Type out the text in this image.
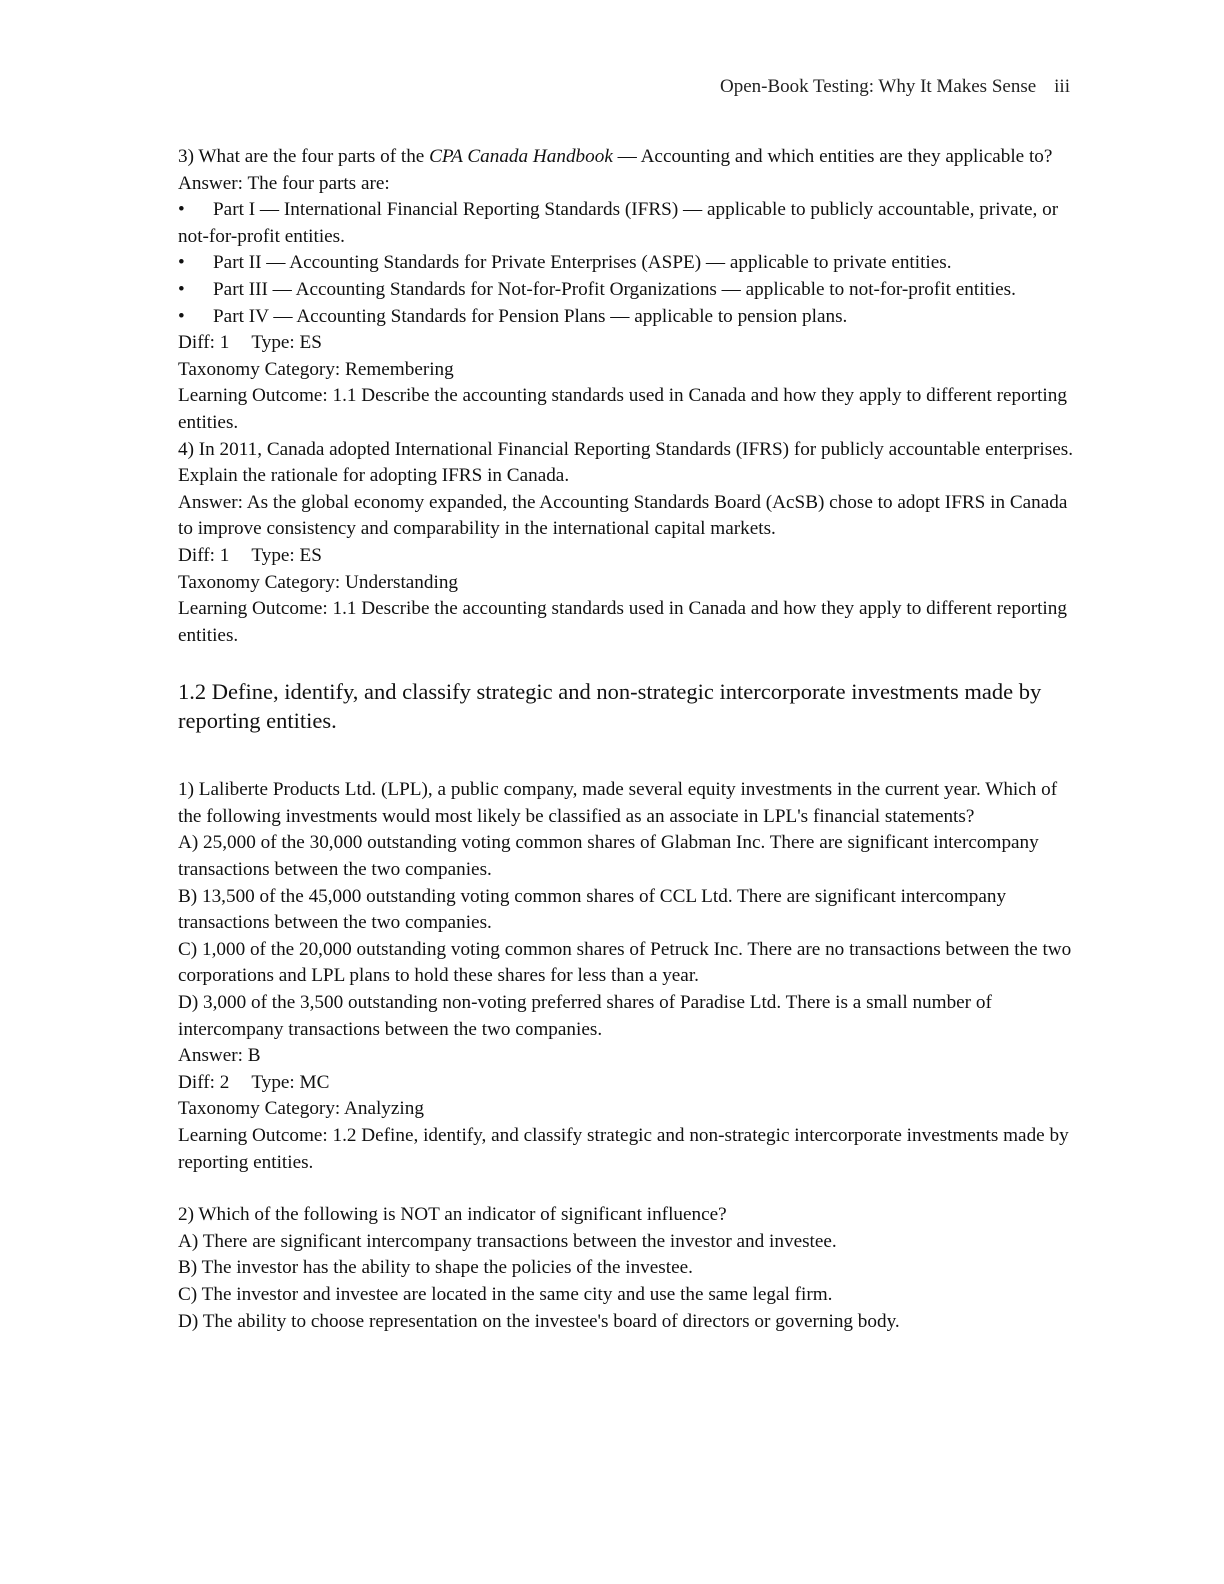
Open-Book Testing: Why It Makes Sense iii

3) What are the four parts of the CPA Canada Handbook — Accounting and which entities are they applicable to?

Answer: The four parts are:

• Part I — International Financial Reporting Standards (IFRS) — applicable to publicly accountable, private, or not-for-profit entities.

• Part II — Accounting Standards for Private Enterprises (ASPE) — applicable to private entities.

• Part III — Accounting Standards for Not-for-Profit Organizations — applicable to not-for-profit entities.

• Part IV — Accounting Standards for Pension Plans — applicable to pension plans.

Diff: 1 Type: ES

Taxonomy Category: Remembering

Learning Outcome: 1.1 Describe the accounting standards used in Canada and how they apply to different reporting entities.

4) In 2011, Canada adopted International Financial Reporting Standards (IFRS) for publicly accountable enterprises. Explain the rationale for adopting IFRS in Canada.

Answer: As the global economy expanded, the Accounting Standards Board (AcSB) chose to adopt IFRS in Canada to improve consistency and comparability in the international capital markets.

Diff: 1 Type: ES

Taxonomy Category: Understanding

Learning Outcome: 1.1 Describe the accounting standards used in Canada and how they apply to different reporting entities.

1.2 Define, identify, and classify strategic and non-strategic intercorporate investments made by reporting entities.

1) Laliberte Products Ltd. (LPL), a public company, made several equity investments in the current year. Which of the following investments would most likely be classified as an associate in LPL's financial statements?

A) 25,000 of the 30,000 outstanding voting common shares of Glabman Inc. There are significant intercompany transactions between the two companies.

B) 13,500 of the 45,000 outstanding voting common shares of CCL Ltd. There are significant intercompany transactions between the two companies.

C) 1,000 of the 20,000 outstanding voting common shares of Petruck Inc. There are no transactions between the two corporations and LPL plans to hold these shares for less than a year.

D) 3,000 of the 3,500 outstanding non-voting preferred shares of Paradise Ltd. There is a small number of intercompany transactions between the two companies.

Answer: B

Diff: 2 Type: MC

Taxonomy Category: Analyzing

Learning Outcome: 1.2 Define, identify, and classify strategic and non-strategic intercorporate investments made by reporting entities.

2) Which of the following is NOT an indicator of significant influence?

A) There are significant intercompany transactions between the investor and investee.

B) The investor has the ability to shape the policies of the investee.

C) The investor and investee are located in the same city and use the same legal firm.

D) The ability to choose representation on the investee's board of directors or governing body.
